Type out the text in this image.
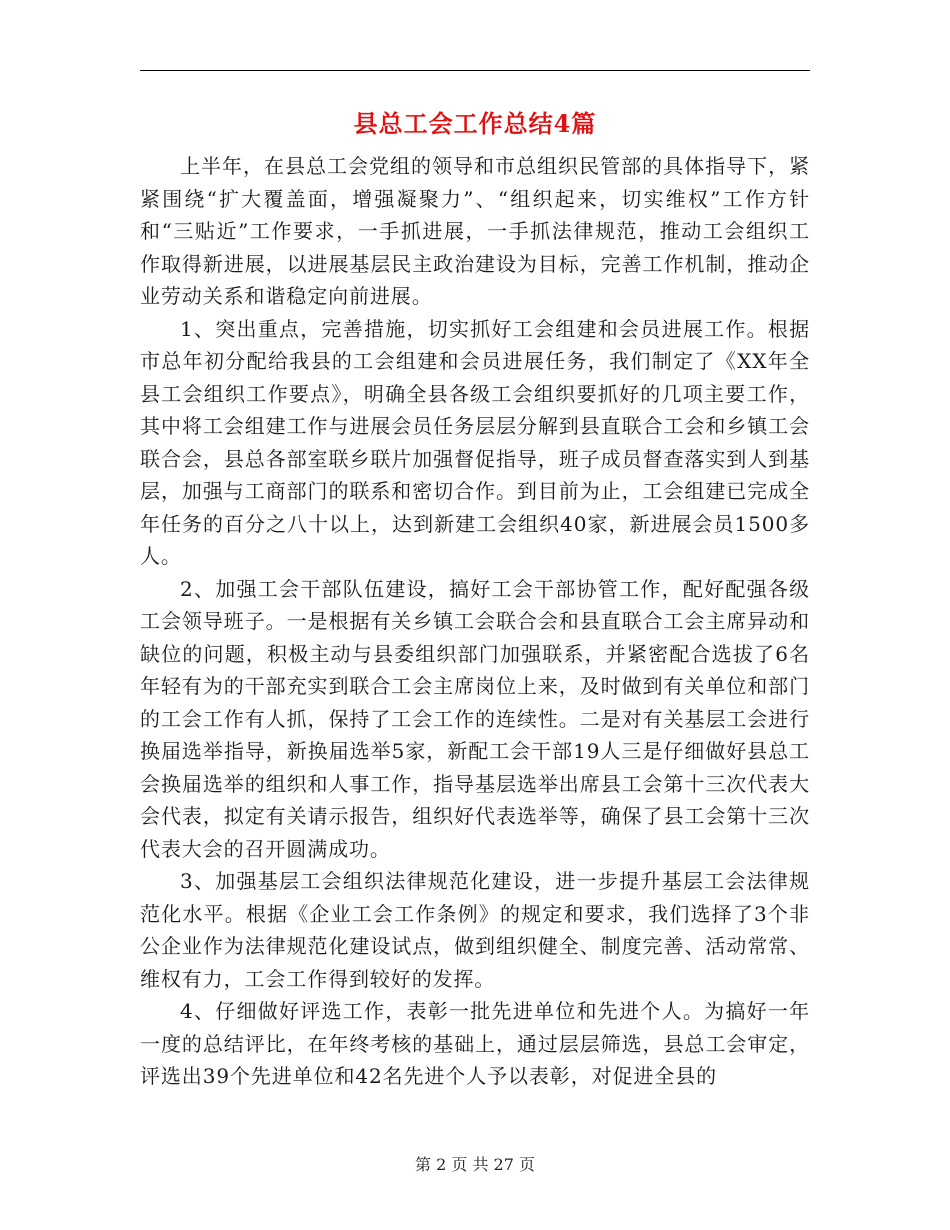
县总工会工作总结4篇

上半年，在县总工会党组的领导和市总组织民管部的具体指导下，紧紧围绕“扩大覆盖面，增强凝聚力”、“组织起来，切实维权”工作方针和“三贴近”工作要求，一手抓进展，一手抓法律规范，推动工会组织工作取得新进展，以进展基层民主政治建设为目标，完善工作机制，推动企业劳动关系和谐稳定向前进展。

1、突出重点，完善措施，切实抓好工会组建和会员进展工作。根据市总年初分配给我县的工会组建和会员进展任务，我们制定了《XX年全县工会组织工作要点》，明确全县各级工会组织要抓好的几项主要工作，其中将工会组建工作与进展会员任务层层分解到县直联合工会和乡镇工会联合会，县总各部室联乡联片加强督促指导，班子成员督查落实到人到基层，加强与工商部门的联系和密切合作。到目前为止，工会组建已完成全年任务的百分之八十以上，达到新建工会组织40家，新进展会员1500多人。

2、加强工会干部队伍建设，搞好工会干部协管工作，配好配强各级工会领导班子。一是根据有关乡镇工会联合会和县直联合工会主席异动和缺位的问题，积极主动与县委组织部门加强联系，并紧密配合选拔了6名年轻有为的干部充实到联合工会主席岗位上来，及时做到有关单位和部门的工会工作有人抓，保持了工会工作的连续性。二是对有关基层工会进行换届选举指导，新换届选举5家，新配工会干部19人三是仔细做好县总工会换届选举的组织和人事工作，指导基层选举出席县工会第十三次代表大会代表，拟定有关请示报告，组织好代表选举等，确保了县工会第十三次代表大会的召开圆满成功。

3、加强基层工会组织法律规范化建设，进一步提升基层工会法律规范化水平。根据《企业工会工作条例》的规定和要求，我们选择了3个非公企业作为法律规范化建设试点，做到组织健全、制度完善、活动常常、维权有力，工会工作得到较好的发挥。

4、仔细做好评选工作，表彰一批先进单位和先进个人。为搞好一年一度的总结评比，在年终考核的基础上，通过层层筛选，县总工会审定，评选出39个先进单位和42名先进个人予以表彰，对促进全县的

第 2 页 共 27 页
